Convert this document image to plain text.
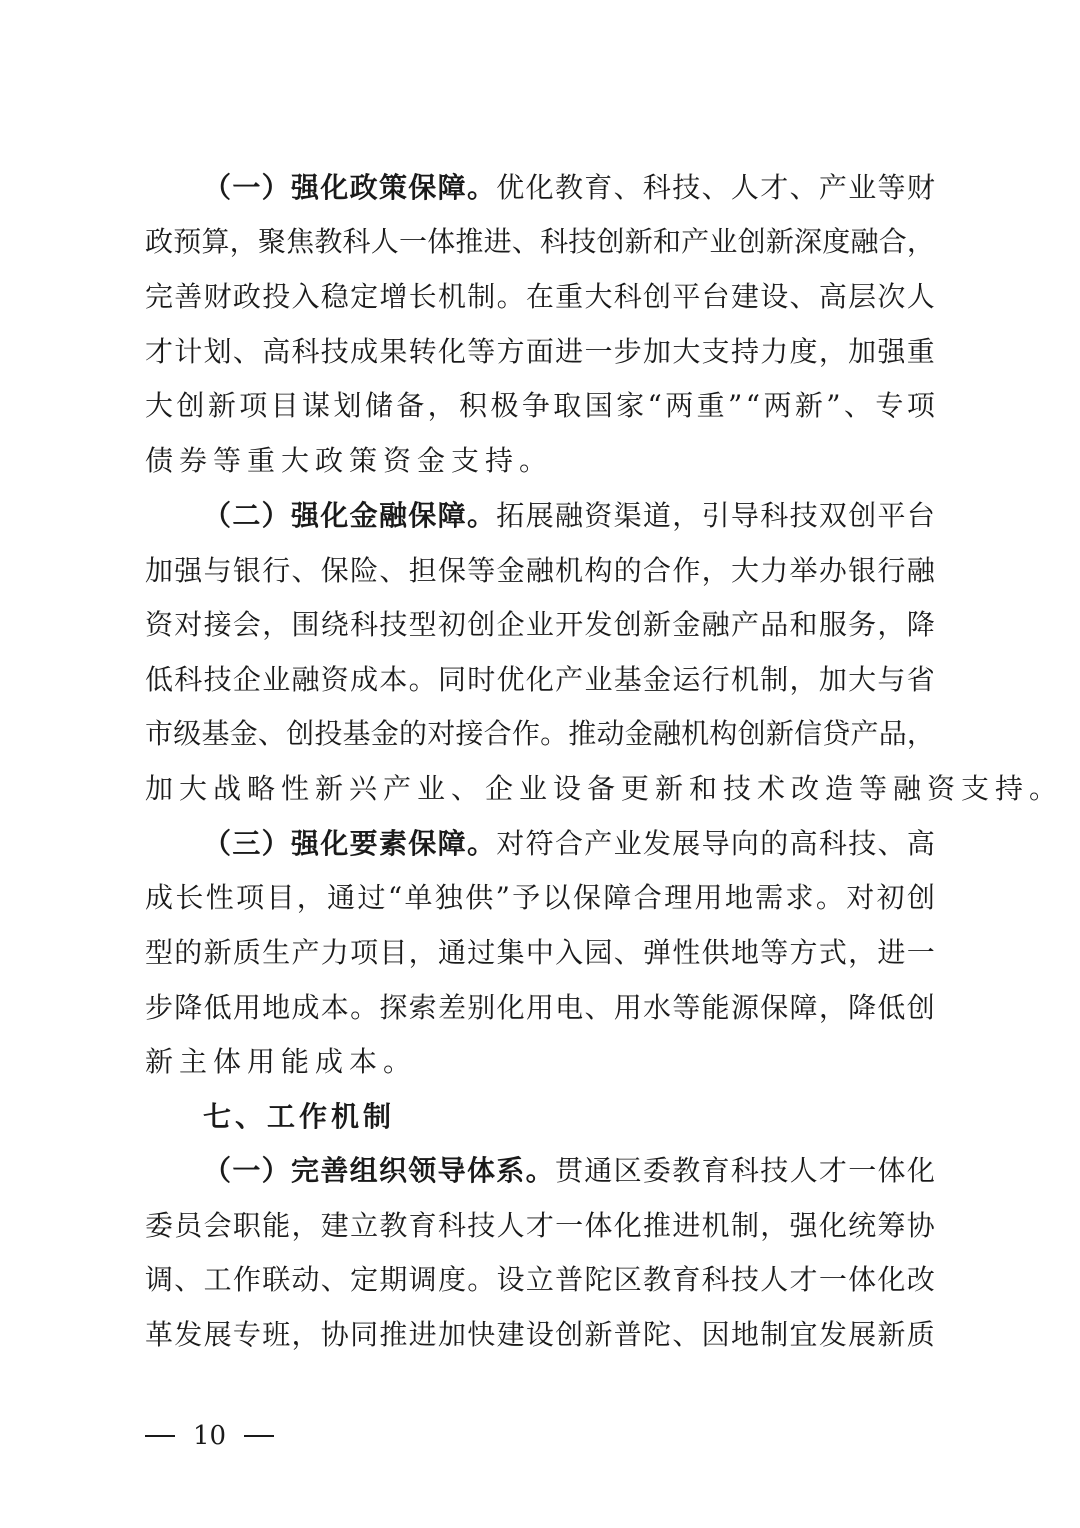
（ 一 ） 强 化 政 策 保 障 。 优 化 教 育 、 科 技 、 人 才 、 产 业 等 财
政 预 算 ， 聚 焦 教 科 人 一 体 推 进 、 科 技 创 新 和 产 业 创 新 深 度 融 合 ，
完 善 财 政 投 入 稳 定 增 长 机 制 。 在 重 大 科 创 平 台 建 设 、 高 层 次 人
才 计 划 、 高 科 技 成 果 转 化 等 方 面 进 一 步 加 大 支 持 力 度 ， 加 强 重
大 创 新 项 目 谋 划 储 备 ， 积 极 争 取 国 家 “ 两 重 ” “ 两 新 ” 、 专 项
债券等重大政策资金支持。
（ 二 ） 强 化 金 融 保 障 。 拓 展 融 资 渠 道 ， 引 导 科 技 双 创 平 台
加 强 与 银 行 、 保 险 、 担 保 等 金 融 机 构 的 合 作 ， 大 力 举 办 银 行 融
资 对 接 会 ， 围 绕 科 技 型 初 创 企 业 开 发 创 新 金 融 产 品 和 服 务 ， 降
低 科 技 企 业 融 资 成 本 。 同 时 优 化 产 业 基 金 运 行 机 制 ， 加 大 与 省
市 级 基 金 、 创 投 基 金 的 对 接 合 作 。 推 动 金 融 机 构 创 新 信 贷 产 品 ，
加大战略性新兴产业、企业设备更新和技术改造等融资支持。
（ 三 ） 强 化 要 素 保 障 。 对 符 合 产 业 发 展 导 向 的 高 科 技 、 高
成 长 性 项 目 ， 通 过 “ 单 独 供 ” 予 以 保 障 合 理 用 地 需 求 。 对 初 创
型 的 新 质 生 产 力 项 目 ， 通 过 集 中 入 园 、 弹 性 供 地 等 方 式 ， 进 一
步 降 低 用 地 成 本 。 探 索 差 别 化 用 电 、 用 水 等 能 源 保 障 ， 降 低 创
新主体用能成本。
七、工作机制
（ 一 ） 完 善 组 织 领 导 体 系 。 贯 通 区 委 教 育 科 技 人 才 一 体 化
委 员 会 职 能 ， 建 立 教 育 科 技 人 才 一 体 化 推 进 机 制 ， 强 化 统 筹 协
调 、 工 作 联 动 、 定 期 调 度 。 设 立 普 陀 区 教 育 科 技 人 才 一 体 化 改
革 发 展 专 班 ， 协 同 推 进 加 快 建 设 创 新 普 陀 、 因 地 制 宜 发 展 新 质
10
